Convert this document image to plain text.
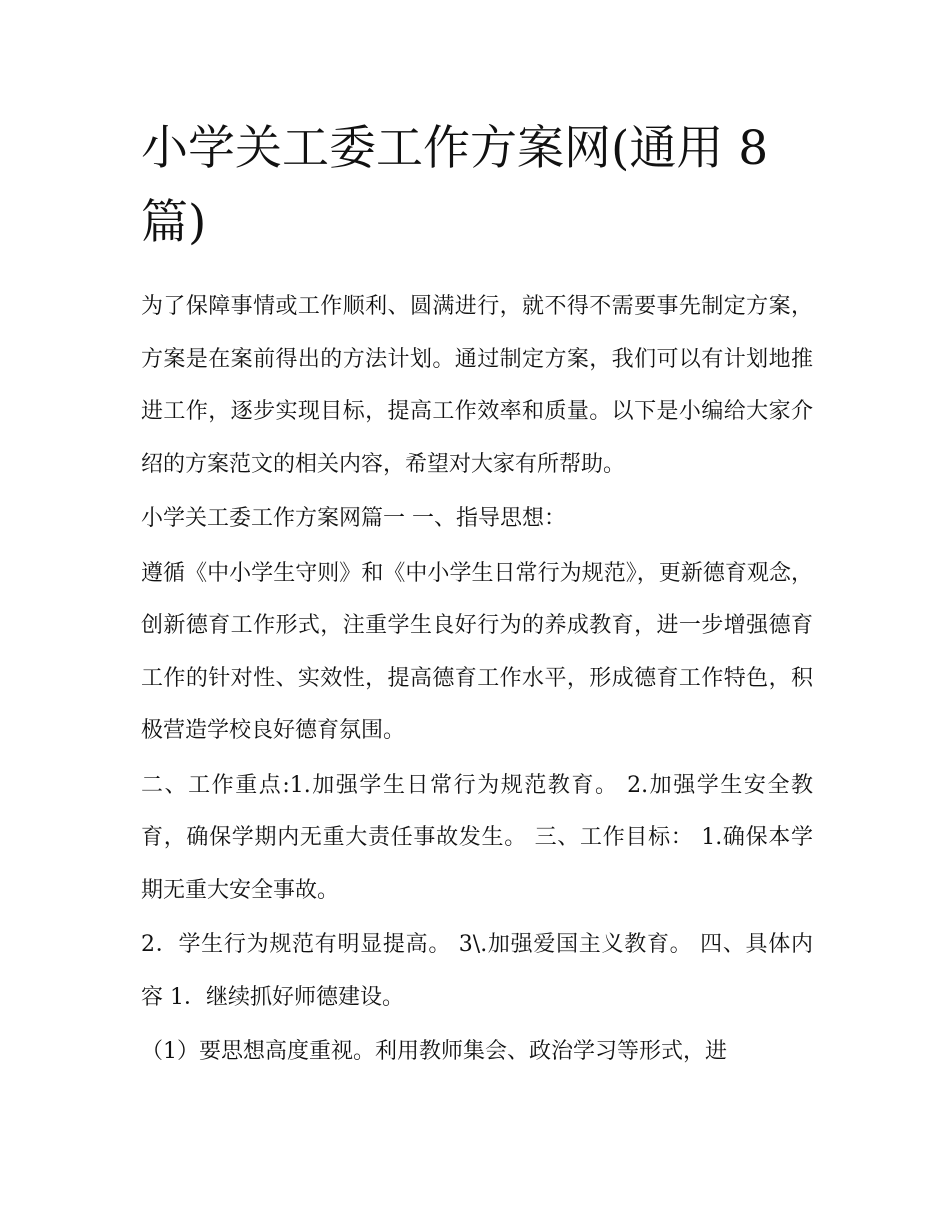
小学关工委工作方案网(通用 8 篇)

为了保障事情或工作顺利、圆满进行，就不得不需要事先制定方案，方案是在案前得出的方法计划。通过制定方案，我们可以有计划地推进工作，逐步实现目标，提高工作效率和质量。以下是小编给大家介绍的方案范文的相关内容，希望对大家有所帮助。

小学关工委工作方案网篇一 一、指导思想：

遵循《中小学生守则》和《中小学生日常行为规范》，更新德育观念，创新德育工作形式，注重学生良好行为的养成教育，进一步增强德育工作的针对性、实效性，提高德育工作水平，形成德育工作特色，积极营造学校良好德育氛围。

二、工作重点:1.加强学生日常行为规范教育。 2.加强学生安全教育，确保学期内无重大责任事故发生。 三、工作目标： 1.确保本学期无重大安全事故。

2．学生行为规范有明显提高。 3\.加强爱国主义教育。 四、具体内容 1．继续抓好师德建设。

（1）要思想高度重视。利用教师集会、政治学习等形式，进
